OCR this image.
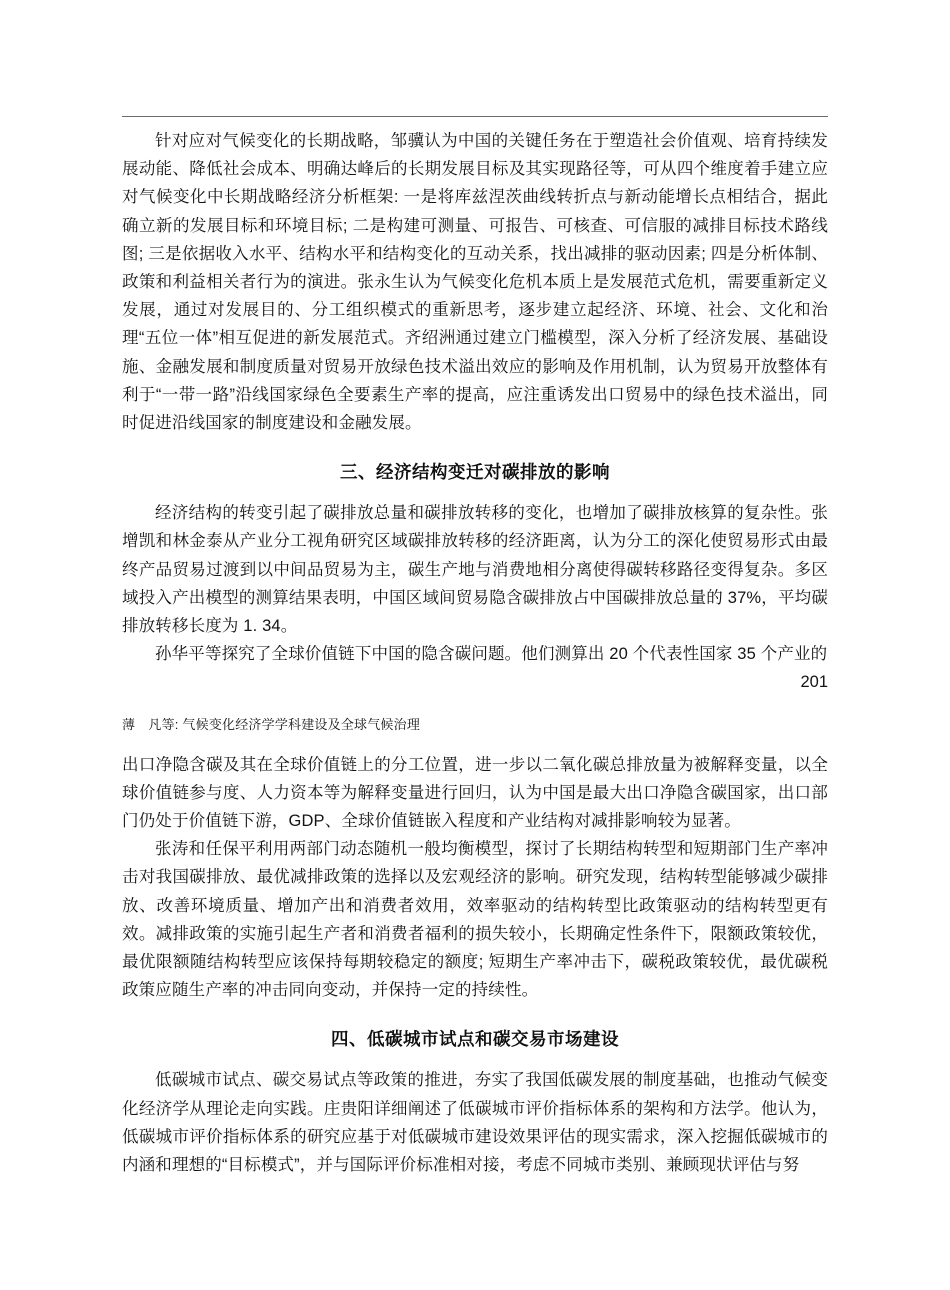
针对应对气候变化的长期战略，邹骥认为中国的关键任务在于塑造社会价值观、培育持续发展动能、降低社会成本、明确达峰后的长期发展目标及其实现路径等，可从四个维度着手建立应对气候变化中长期战略经济分析框架: 一是将库兹涅茨曲线转折点与新动能增长点相结合，据此确立新的发展目标和环境目标; 二是构建可测量、可报告、可核查、可信服的减排目标技术路线图; 三是依据收入水平、结构水平和结构变化的互动关系，找出减排的驱动因素; 四是分析体制、政策和利益相关者行为的演进。张永生认为气候变化危机本质上是发展范式危机，需要重新定义发展，通过对发展目的、分工组织模式的重新思考，逐步建立起经济、环境、社会、文化和治理“五位一体”相互促进的新发展范式。齐绍洲通过建立门槛模型，深入分析了经济发展、基础设施、金融发展和制度质量对贸易开放绿色技术溢出效应的影响及作用机制，认为贸易开放整体有利于“一带一路”沿线国家绿色全要素生产率的提高，应注重诱发出口贸易中的绿色技术溢出，同时促进沿线国家的制度建设和金融发展。

三、经济结构变迁对碳排放的影响

经济结构的转变引起了碳排放总量和碳排放转移的变化，也增加了碳排放核算的复杂性。张增凯和林金泰从产业分工视角研究区域碳排放转移的经济距离，认为分工的深化使贸易形式由最终产品贸易过渡到以中间品贸易为主，碳生产地与消费地相分离使得碳转移路径变得复杂。多区域投入产出模型的测算结果表明，中国区域间贸易隐含碳排放占中国碳排放总量的 37%，平均碳排放转移长度为 1. 34。

孙华平等探究了全球价值链下中国的隐含碳问题。他们测算出 20 个代表性国家 35 个产业的

201

薄　凡等: 气候变化经济学学科建设及全球气候治理

出口净隐含碳及其在全球价值链上的分工位置，进一步以二氧化碳总排放量为被解释变量，以全球价值链参与度、人力资本等为解释变量进行回归，认为中国是最大出口净隐含碳国家，出口部门仍处于价值链下游，GDP、全球价值链嵌入程度和产业结构对减排影响较为显著。

张涛和任保平利用两部门动态随机一般均衡模型，探讨了长期结构转型和短期部门生产率冲击对我国碳排放、最优减排政策的选择以及宏观经济的影响。研究发现，结构转型能够减少碳排放、改善环境质量、增加产出和消费者效用，效率驱动的结构转型比政策驱动的结构转型更有效。减排政策的实施引起生产者和消费者福利的损失较小，长期确定性条件下，限额政策较优，最优限额随结构转型应该保持每期较稳定的额度; 短期生产率冲击下，碳税政策较优，最优碳税政策应随生产率的冲击同向变动，并保持一定的持续性。

四、低碳城市试点和碳交易市场建设

低碳城市试点、碳交易试点等政策的推进，夯实了我国低碳发展的制度基础，也推动气候变化经济学从理论走向实践。庄贵阳详细阐述了低碳城市评价指标体系的架构和方法学。他认为，低碳城市评价指标体系的研究应基于对低碳城市建设效果评估的现实需求，深入挖掘低碳城市的内涵和理想的“目标模式”，并与国际评价标准相对接，考虑不同城市类别、兼顾现状评估与努
